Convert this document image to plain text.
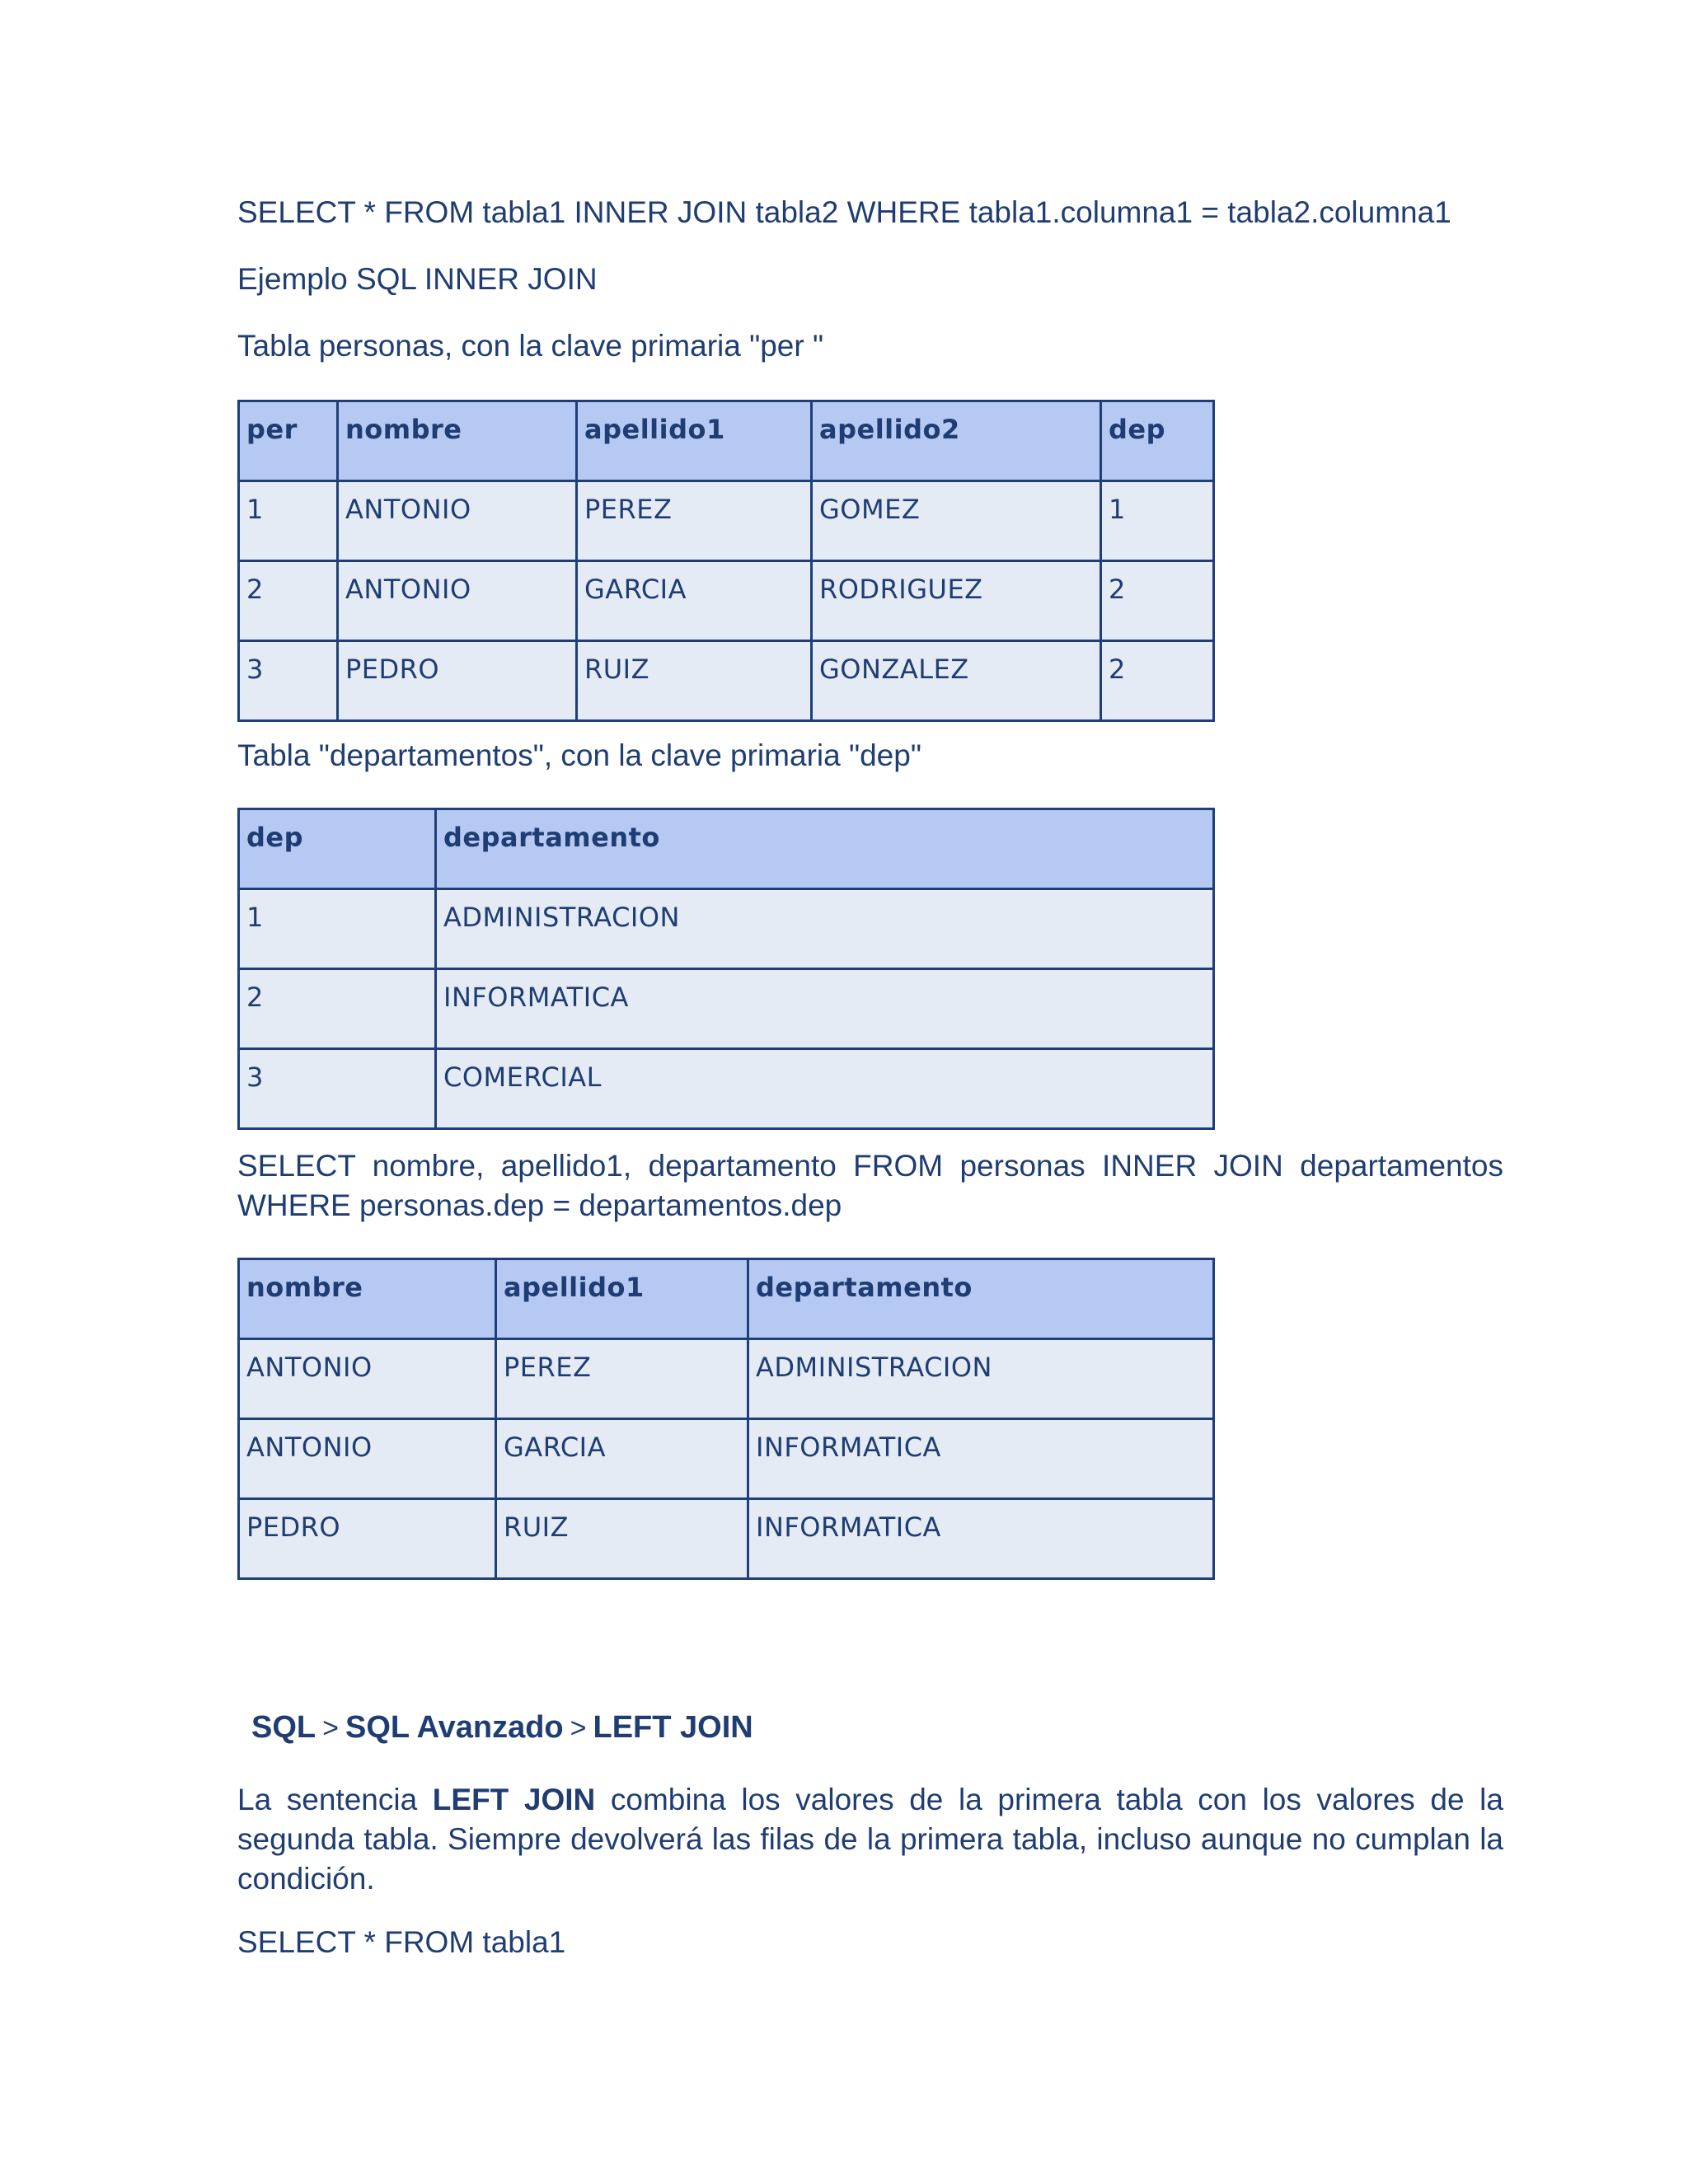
SELECT * FROM tabla1 INNER JOIN tabla2 WHERE tabla1.columna1 = tabla2.columna1
Ejemplo SQL INNER JOIN
Tabla personas, con la clave primaria "per "
per	nombre	apellido1	apellido2	dep
1	ANTONIO	PEREZ	GOMEZ	1
2	ANTONIO	GARCIA	RODRIGUEZ	2
3	PEDRO	RUIZ	GONZALEZ	2
Tabla "departamentos", con la clave primaria "dep"
dep	departamento
1	ADMINISTRACION
2	INFORMATICA
3	COMERCIAL
SELECT nombre, apellido1, departamento FROM personas INNER JOIN departamentos WHERE personas.dep = departamentos.dep
nombre	apellido1	departamento
ANTONIO	PEREZ	ADMINISTRACION
ANTONIO	GARCIA	INFORMATICA
PEDRO	RUIZ	INFORMATICA
SQL > SQL Avanzado > LEFT JOIN
La sentencia LEFT JOIN combina los valores de la primera tabla con los valores de la segunda tabla. Siempre devolverá las filas de la primera tabla, incluso aunque no cumplan la condición.
SELECT * FROM tabla1
